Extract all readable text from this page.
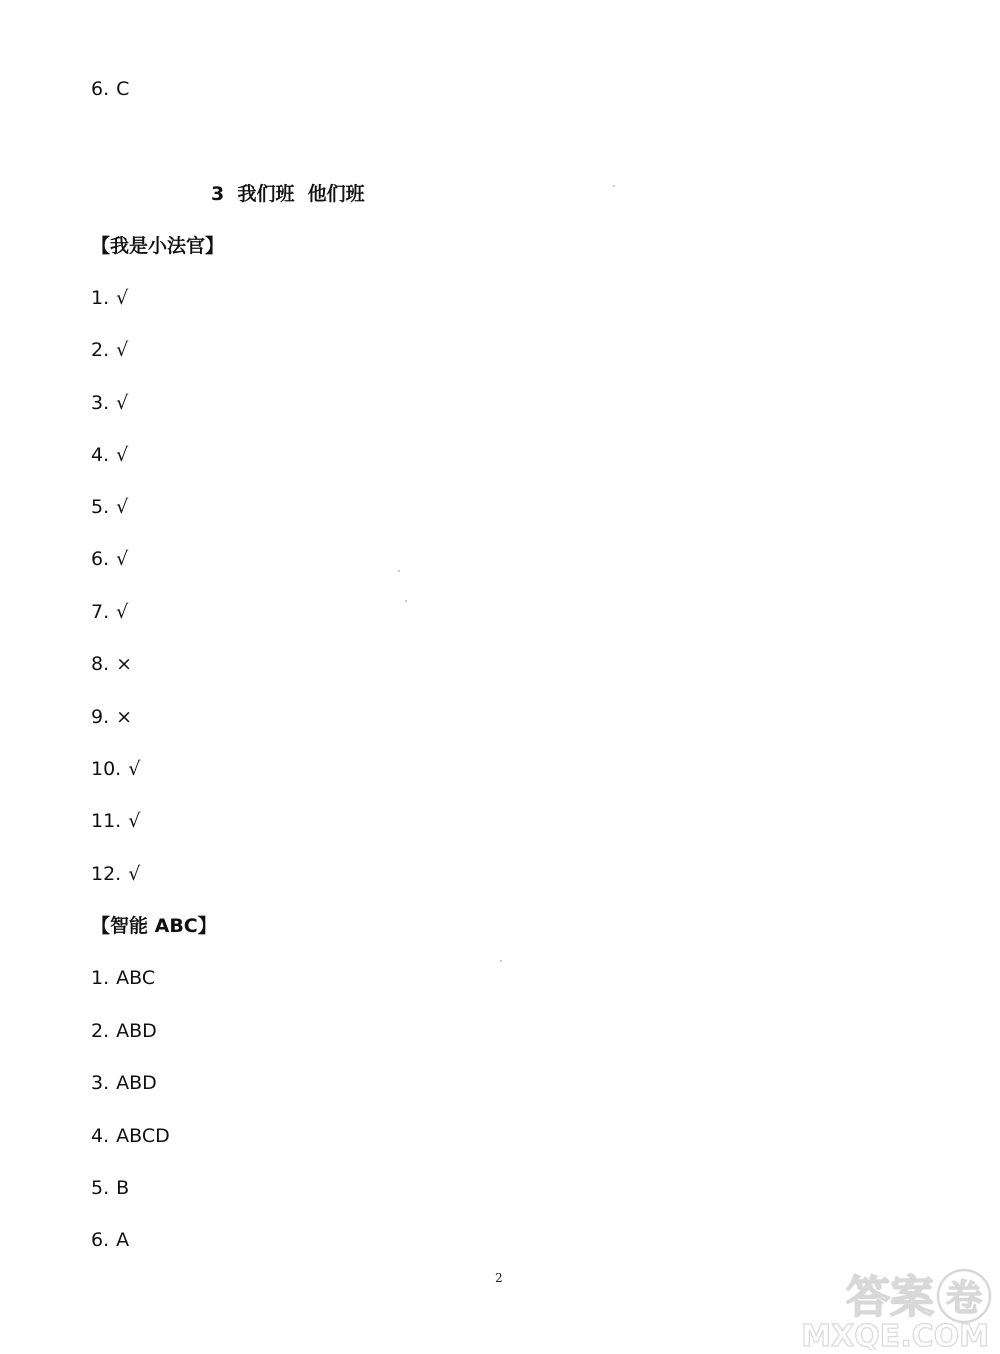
6. C

3  我们班  他们班
【我是小法官】

1. √

2. √

3. √

4. √

5. √

6. √

7. √

8. ×

9. ×

10. √

11. √

12. √

【智能 ABC】

1. ABC

2. ABD

3. ABD

4. ABCD

5. B

6. A

2	答案 卷
MXQE.COM
